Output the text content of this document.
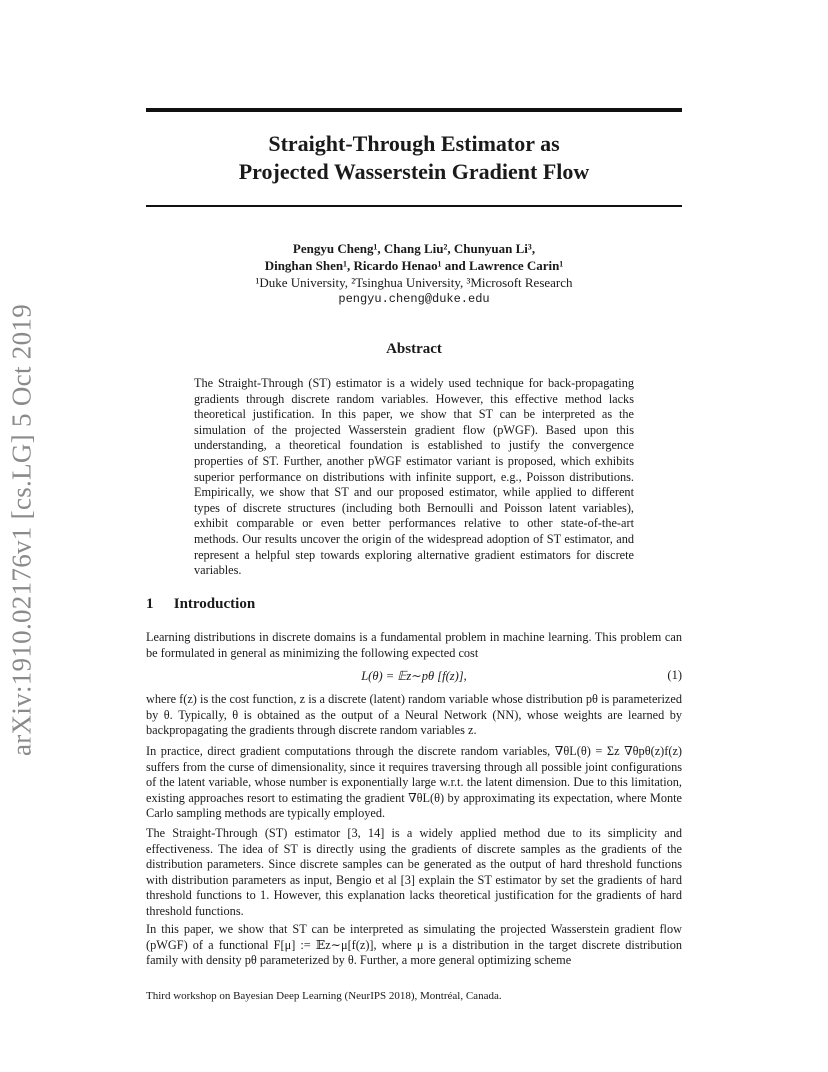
arXiv:1910.02176v1 [cs.LG] 5 Oct 2019
Straight-Through Estimator as
Projected Wasserstein Gradient Flow
Pengyu Cheng¹, Chang Liu², Chunyuan Li³,
Dinghan Shen¹, Ricardo Henao¹ and Lawrence Carin¹
¹Duke University, ²Tsinghua University, ³Microsoft Research
pengyu.cheng@duke.edu
Abstract
The Straight-Through (ST) estimator is a widely used technique for back-propagating gradients through discrete random variables. However, this effective method lacks theoretical justification. In this paper, we show that ST can be interpreted as the simulation of the projected Wasserstein gradient flow (pWGF). Based upon this understanding, a theoretical foundation is established to justify the convergence properties of ST. Further, another pWGF estimator variant is proposed, which exhibits superior performance on distributions with infinite support, e.g., Poisson distributions. Empirically, we show that ST and our proposed estimator, while applied to different types of discrete structures (including both Bernoulli and Poisson latent variables), exhibit comparable or even better performances relative to other state-of-the-art methods. Our results uncover the origin of the widespread adoption of ST estimator, and represent a helpful step towards exploring alternative gradient estimators for discrete variables.
1 Introduction
Learning distributions in discrete domains is a fundamental problem in machine learning. This problem can be formulated in general as minimizing the following expected cost
L(θ) = 𝔼z∼pθ [f(z)],	(1)
where f(z) is the cost function, z is a discrete (latent) random variable whose distribution pθ is parameterized by θ. Typically, θ is obtained as the output of a Neural Network (NN), whose weights are learned by backpropagating the gradients through discrete random variables z.
In practice, direct gradient computations through the discrete random variables, ∇θL(θ) = Σz ∇θpθ(z)f(z) suffers from the curse of dimensionality, since it requires traversing through all possible joint configurations of the latent variable, whose number is exponentially large w.r.t. the latent dimension. Due to this limitation, existing approaches resort to estimating the gradient ∇θL(θ) by approximating its expectation, where Monte Carlo sampling methods are typically employed.
The Straight-Through (ST) estimator [3, 14] is a widely applied method due to its simplicity and effectiveness. The idea of ST is directly using the gradients of discrete samples as the gradients of the distribution parameters. Since discrete samples can be generated as the output of hard threshold functions with distribution parameters as input, Bengio et al [3] explain the ST estimator by set the gradients of hard threshold functions to 1. However, this explanation lacks theoretical justification for the gradients of hard threshold functions.
In this paper, we show that ST can be interpreted as simulating the projected Wasserstein gradient flow (pWGF) of a functional F[μ] := 𝔼z∼μ[f(z)], where μ is a distribution in the target discrete distribution family with density pθ parameterized by θ. Further, a more general optimizing scheme
Third workshop on Bayesian Deep Learning (NeurIPS 2018), Montréal, Canada.
